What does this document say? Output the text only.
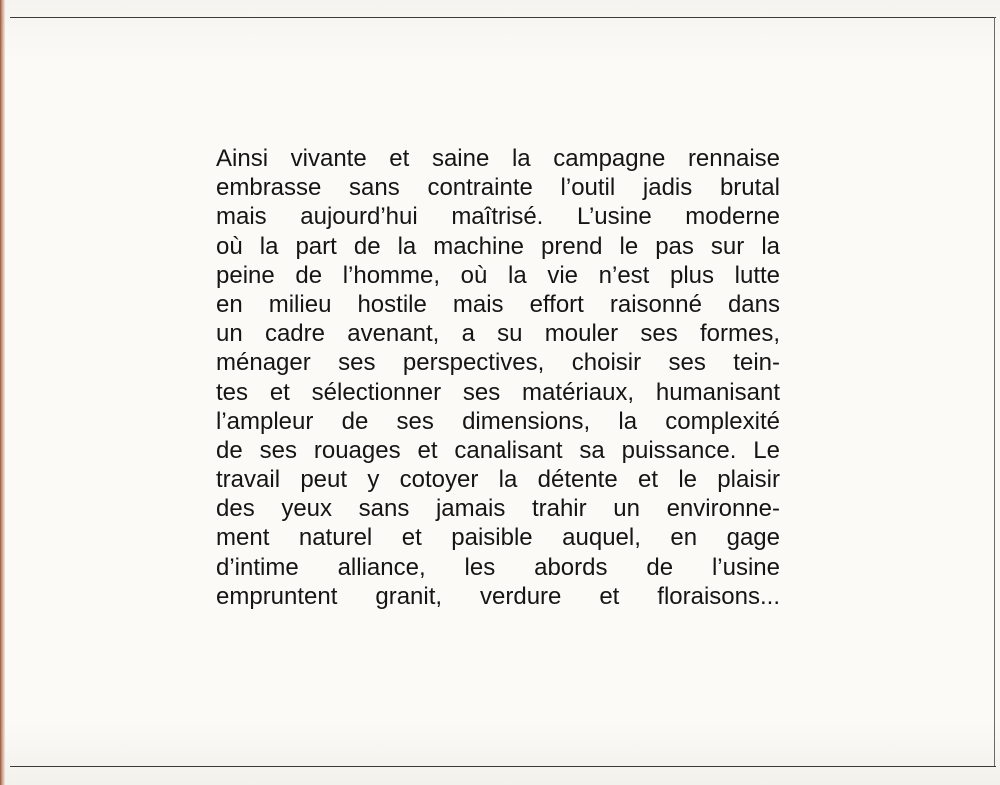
Ainsi vivante et saine la campagne rennaise
embrasse sans contrainte l’outil jadis brutal
mais aujourd’hui maîtrisé. L’usine moderne
où la part de la machine prend le pas sur la
peine de l’homme, où la vie n’est plus lutte
en milieu hostile mais effort raisonné dans
un cadre avenant, a su mouler ses formes,
ménager ses perspectives, choisir ses tein-
tes et sélectionner ses matériaux, humanisant
l’ampleur de ses dimensions, la complexité
de ses rouages et canalisant sa puissance. Le
travail peut y cotoyer la détente et le plaisir
des yeux sans jamais trahir un environne-
ment naturel et paisible auquel, en gage
d’intime alliance, les abords de l’usine
empruntent granit, verdure et floraisons...
